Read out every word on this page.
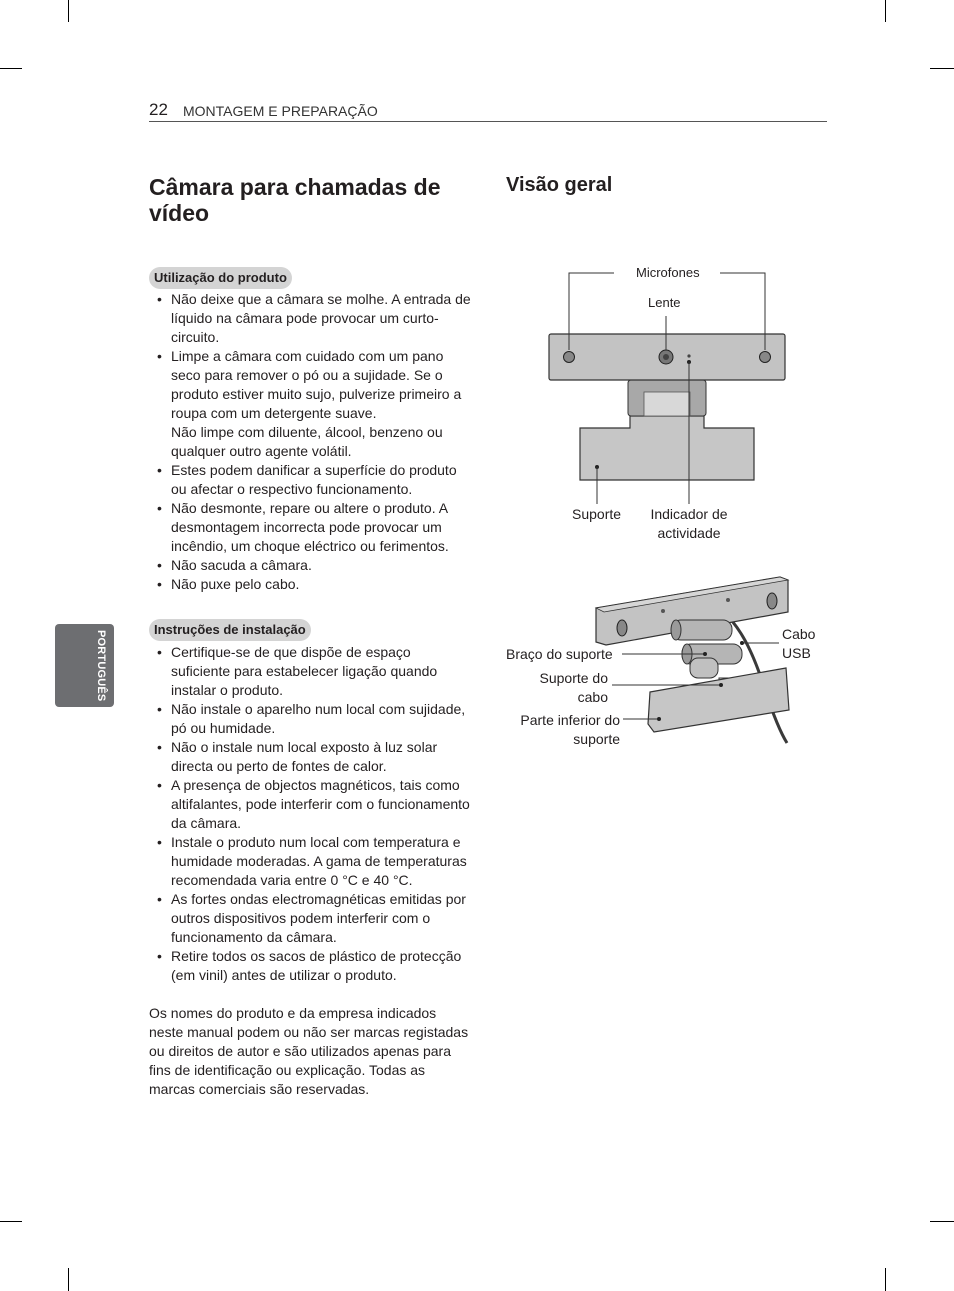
22 MONTAGEM E PREPARAÇÃO
PORTUGUÊS
Câmara para chamadas de vídeo
Utilização do produto
• Não deixe que a câmara se molhe. A entrada de líquido na câmara pode provocar um curto-circuito.
• Limpe a câmara com cuidado com um pano seco para remover o pó ou a sujidade. Se o produto estiver muito sujo, pulverize primeiro a roupa com um detergente suave.
Não limpe com diluente, álcool, benzeno ou qualquer outro agente volátil.
• Estes podem danificar a superfície do produto ou afectar o respectivo funcionamento.
• Não desmonte, repare ou altere o produto. A desmontagem incorrecta pode provocar um incêndio, um choque eléctrico ou ferimentos.
• Não sacuda a câmara.
• Não puxe pelo cabo.
Instruções de instalação
• Certifique-se de que dispõe de espaço suficiente para estabelecer ligação quando instalar o produto.
• Não instale o aparelho num local com sujidade, pó ou humidade.
• Não o instale num local exposto à luz solar directa ou perto de fontes de calor.
• A presença de objectos magnéticos, tais como altifalantes, pode interferir com o funcionamento da câmara.
• Instale o produto num local com temperatura e humidade moderadas. A gama de temperaturas recomendada varia entre 0 °C e 40 °C.
• As fortes ondas electromagnéticas emitidas por outros dispositivos podem interferir com o funcionamento da câmara.
• Retire todos os sacos de plástico de protecção (em vinil) antes de utilizar o produto.

Os nomes do produto e da empresa indicados neste manual podem ou não ser marcas registadas ou direitos de autor e são utilizados apenas para fins de identificação ou explicação. Todas as marcas comerciais são reservadas.

Visão geral
Microfones
Lente
Suporte	Indicador de
actividade
Braço do suporte
Suporte do
cabo
Parte inferior do
suporte
Cabo
USB
